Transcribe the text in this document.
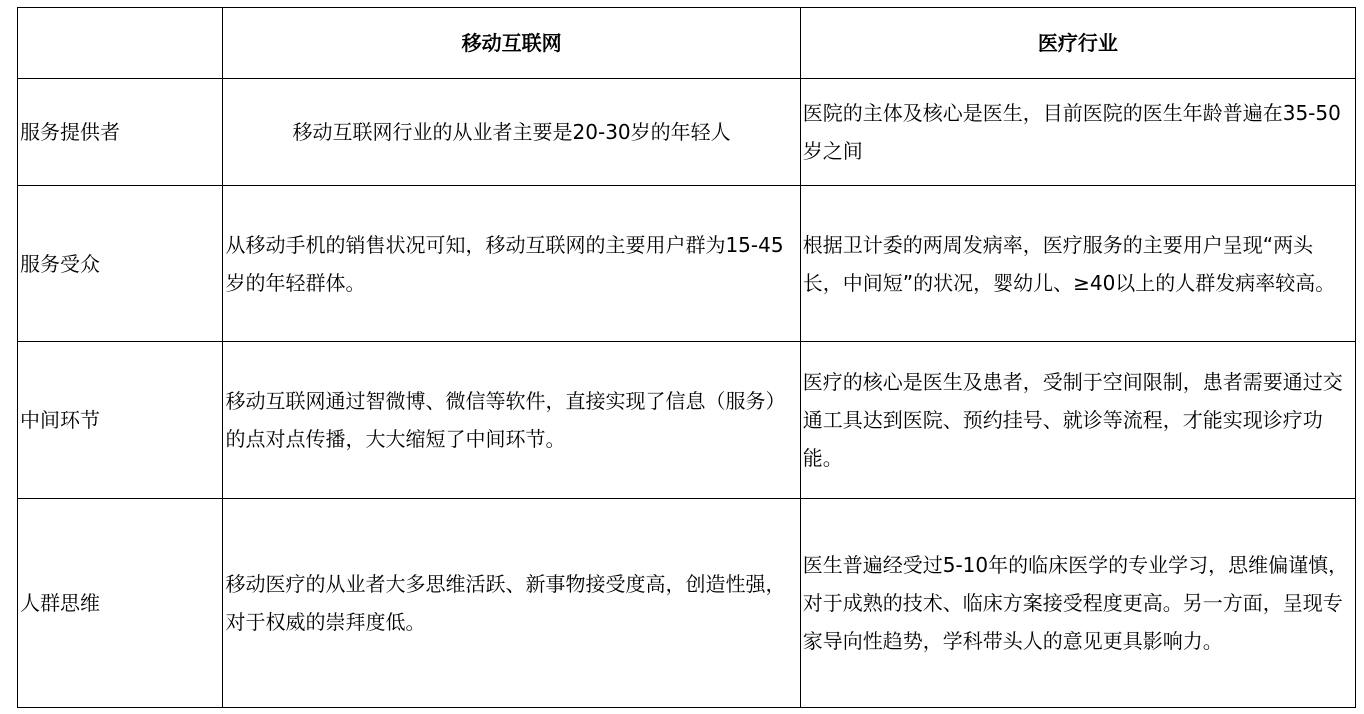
	移动互联网	医疗行业
服务提供者	移动互联网行业的从业者主要是20-30岁的年轻人	医院的主体及核心是医生，目前医院的医生年龄普遍在35-50岁之间
服务受众	从移动手机的销售状况可知，移动互联网的主要用户群为15-45岁的年轻群体。	根据卫计委的两周发病率，医疗服务的主要用户呈现“两头长，中间短”的状况，婴幼儿、≥40以上的人群发病率较高。
中间环节	移动互联网通过智微博、微信等软件，直接实现了信息（服务）的点对点传播，大大缩短了中间环节。	医疗的核心是医生及患者，受制于空间限制，患者需要通过交通工具达到医院、预约挂号、就诊等流程，才能实现诊疗功能。
人群思维	移动医疗的从业者大多思维活跃、新事物接受度高，创造性强，对于权威的崇拜度低。	医生普遍经受过5-10年的临床医学的专业学习，思维偏谨慎，对于成熟的技术、临床方案接受程度更高。另一方面，呈现专家导向性趋势，学科带头人的意见更具影响力。
